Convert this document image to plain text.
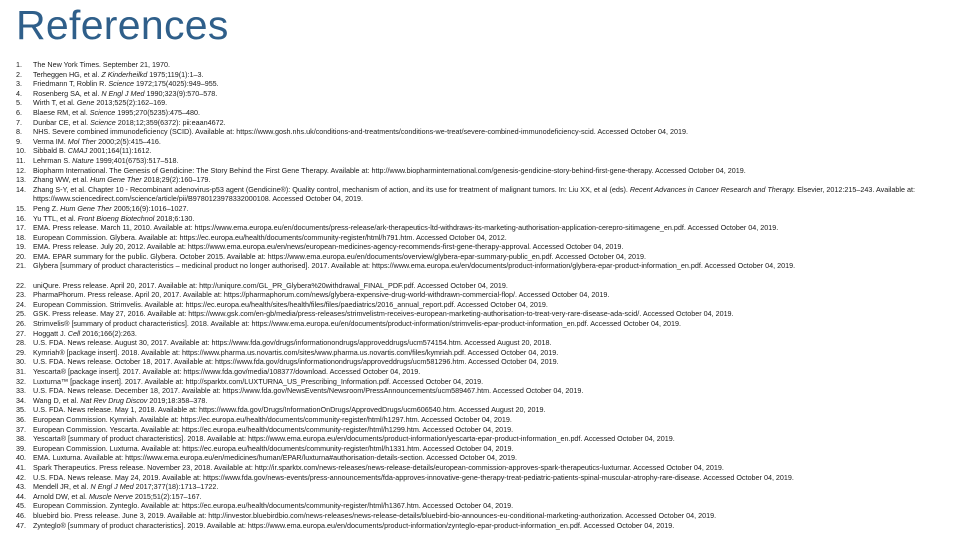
References
1.	The New York Times. September 21, 1970.
2.	Terheggen HG, et al. Z Kinderheilkd 1975;119(1):1–3.
3.	Friedmann T, Roblin R. Science 1972;175(4025):949–955.
4.	Rosenberg SA, et al. N Engl J Med 1990;323(9):570–578.
5.	Wirth T, et al. Gene 2013;525(2):162–169.
6.	Blaese RM, et al. Science 1995;270(5235):475–480.
7.	Dunbar CE, et al. Science 2018;12;359(6372): pii:eaan4672.
8.	NHS. Severe combined immunodeficiency (SCID). Available at: https://www.gosh.nhs.uk/conditions-and-treatments/conditions-we-treat/severe-combined-immunodeficiency-scid. Accessed October 04, 2019.
9.	Verma IM. Mol Ther 2000;2(5):415–416.
10. Sibbald B. CMAJ 2001;164(11):1612.
11.	Lehrman S. Nature 1999;401(6753):517–518.
12. Biopharm International. The Genesis of Gendicine: The Story Behind the First Gene Therapy. Available at: http://www.biopharminternational.com/genesis-gendicine-story-behind-first-gene-therapy. Accessed October 04, 2019.
13. Zhang WW, et al. Hum Gene Ther 2018;29(2):160–179.
14. Zhang S-Y, et al. Chapter 10 - Recombinant adenovirus-p53 agent (Gendicine®): Quality control, mechanism of action, and its use for treatment of malignant tumors. In: Liu XX, et al (eds). Recent Advances in Cancer Research and Therapy. Elsevier, 2012:215–243. Available at: https://www.sciencedirect.com/science/article/pii/B9780123978332000108. Accessed October 04, 2019.
15. Peng Z. Hum Gene Ther 2005;16(9):1016–1027.
16. Yu TTL, et al. Front Bioeng Biotechnol 2018;6:130.
17. EMA. Press release. March 11, 2010. Available at: https://www.ema.europa.eu/en/documents/press-release/ark-therapeutics-ltd-withdraws-its-marketing-authorisation-application-cerepro-sitimagene_en.pdf. Accessed October 04, 2019.
18. European Commission. Glybera. Available at: https://ec.europa.eu/health/documents/community-register/html/h791.htm. Accessed October 04, 2012.
19. EMA. Press release. July 20, 2012. Available at: https://www.ema.europa.eu/en/news/european-medicines-agency-recommends-first-gene-therapy-approval. Accessed October 04, 2019.
20. EMA. EPAR summary for the public. Glybera. October 2015. Available at: https://www.ema.europa.eu/en/documents/overview/glybera-epar-summary-public_en.pdf. Accessed October 04, 2019.
21. Glybera [summary of product characteristics – medicinal product no longer authorised]. 2017. Available at: https://www.ema.europa.eu/en/documents/product-information/glybera-epar-product-information_en.pdf. Accessed October 04, 2019.
22. uniQure. Press release. April 20, 2017. Available at: http://uniqure.com/GL_PR_Glybera%20withdrawal_FINAL_PDF.pdf. Accessed October 04, 2019.
23. PharmaPhorum. Press release. April 20, 2017. Available at: https://pharmaphorum.com/news/glybera-expensive-drug-world-withdrawn-commercial-flop/. Accessed October 04, 2019.
24. European Commission. Strimvelis. Available at: https://ec.europa.eu/health/sites/health/files/files/paediatrics/2016_annual_report.pdf. Accessed October 04, 2019.
25. GSK. Press release. May 27, 2016. Available at: https://www.gsk.com/en-gb/media/press-releases/strimvelistm-receives-european-marketing-authorisation-to-treat-very-rare-disease-ada-scid/. Accessed October 04, 2019.
26. Strimvelis® [summary of product characteristics]. 2018. Available at: https://www.ema.europa.eu/en/documents/product-information/strimvelis-epar-product-information_en.pdf. Accessed October 04, 2019.
27. Hoggatt J. Cell 2016;166(2):263.
28. U.S. FDA. News release. August 30, 2017. Available at: https://www.fda.gov/drugs/informationondrugs/approveddrugs/ucm574154.htm. Accessed August 20, 2018.
29. Kymriah® [package insert]. 2018. Available at: https://www.pharma.us.novartis.com/sites/www.pharma.us.novartis.com/files/kymriah.pdf. Accessed October 04, 2019.
30. U.S. FDA. News release. October 18, 2017. Available at: https://www.fda.gov/drugs/informationondrugs/approveddrugs/ucm581296.htm. Accessed October 04, 2019.
31. Yescarta® [package insert]. 2017. Available at: https://www.fda.gov/media/108377/download. Accessed October 04, 2019.
32. Luxturna™ [package insert]. 2017. Available at: http://sparktx.com/LUXTURNA_US_Prescribing_Information.pdf. Accessed October 04, 2019.
33. U.S. FDA. News release. December 18, 2017. Available at: https://www.fda.gov/NewsEvents/Newsroom/PressAnnouncements/ucm589467.htm. Accessed October 04, 2019.
34. Wang D, et al. Nat Rev Drug Discov 2019;18:358–378.
35. U.S. FDA. News release. May 1, 2018. Available at: https://www.fda.gov/Drugs/InformationOnDrugs/ApprovedDrugs/ucm606540.htm. Accessed August 20, 2019.
36. European Commission. Kymriah. Available at: https://ec.europa.eu/health/documents/community-register/html/h1297.htm. Accessed October 04, 2019.
37. European Commission. Yescarta. Available at: https://ec.europa.eu/health/documents/community-register/html/h1299.htm. Accessed October 04, 2019.
38. Yescarta® [summary of product characteristics]. 2018. Available at: https://www.ema.europa.eu/en/documents/product-information/yescarta-epar-product-information_en.pdf. Accessed October 04, 2019.
39. European Commission. Luxturna. Available at: https://ec.europa.eu/health/documents/community-register/html/h1331.htm. Accessed October 04, 2019.
40. EMA. Luxturna. Available at: https://www.ema.europa.eu/en/medicines/human/EPAR/luxturna#authorisation-details-section. Accessed October 04, 2019.
41. Spark Therapeutics. Press release. November 23, 2018. Available at: http://ir.sparktx.com/news-releases/news-release-details/european-commission-approves-spark-therapeutics-luxturnar. Accessed October 04, 2019.
42. U.S. FDA. News release. May 24, 2019. Available at: https://www.fda.gov/news-events/press-announcements/fda-approves-innovative-gene-therapy-treat-pediatric-patients-spinal-muscular-atrophy-rare-disease. Accessed October 04, 2019.
43. Mendell JR, et al. N Engl J Med 2017;377(18):1713–1722.
44. Arnold DW, et al. Muscle Nerve 2015;51(2):157–167.
45. European Commission. Zynteglo. Available at: https://ec.europa.eu/health/documents/community-register/html/h1367.htm. Accessed October 04, 2019.
46. bluebird bio. Press release. June 3, 2019. Available at: http://investor.bluebirdbio.com/news-releases/news-release-details/bluebird-bio-announces-eu-conditional-marketing-authorization. Accessed October 04, 2019.
47. Zynteglo® [summary of product characteristics]. 2019. Available at: https://www.ema.europa.eu/en/documents/product-information/zynteglo-epar-product-information_en.pdf. Accessed October 04, 2019.
